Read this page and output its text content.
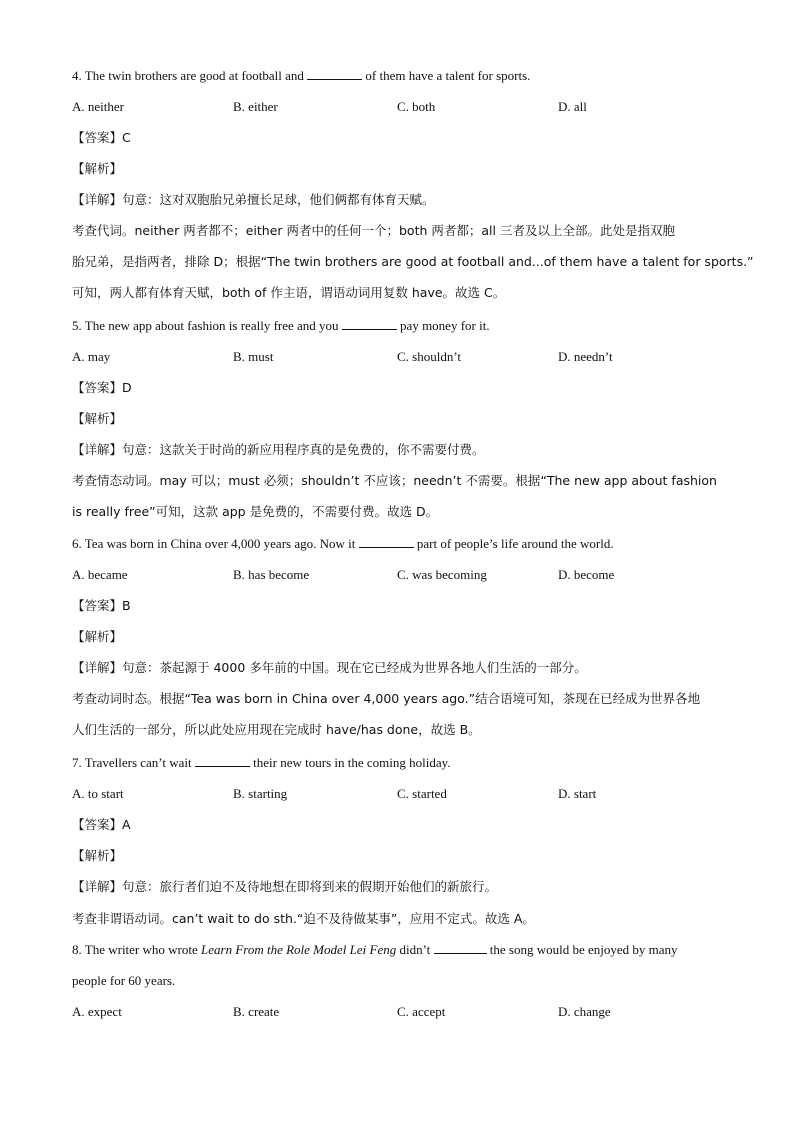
4. The twin brothers are good at football and	of them have a talent for sports.
A. neither	B. either	C. both	D. all
【答案】C
【解析】
【详解】句意：这对双胞胎兄弟擅长足球，他们俩都有体育天赋。
考查代词。neither 两者都不；either 两者中的任何一个；both 两者都；all 三者及以上全部。此处是指双胞
胎兄弟，是指两者，排除 D；根据“The twin brothers are good at football and...of them have a talent for sports.”
可知，两人都有体育天赋，both of 作主语，谓语动词用复数 have。故选 C。
5. The new app about fashion is really free and you	pay money for it.
A. may	B. must	C. shouldn’t	D. needn’t
【答案】D
【解析】
【详解】句意：这款关于时尚的新应用程序真的是免费的，你不需要付费。
考查情态动词。may 可以；must 必须；shouldn’t 不应该；needn’t 不需要。根据“The new app about fashion
is really free”可知，这款 app 是免费的，不需要付费。故选 D。
6. Tea was born in China over 4,000 years ago. Now it	part of people’s life around the world.
A. became	B. has become	C. was becoming	D. become
【答案】B
【解析】
【详解】句意：茶起源于 4000 多年前的中国。现在它已经成为世界各地人们生活的一部分。
考查动词时态。根据“Tea was born in China over 4,000 years ago.”结合语境可知，茶现在已经成为世界各地
人们生活的一部分，所以此处应用现在完成时 have/has done，故选 B。
7. Travellers can’t wait	their new tours in the coming holiday.
A. to start	B. starting	C. started	D. start
【答案】A
【解析】
【详解】句意：旅行者们迫不及待地想在即将到来的假期开始他们的新旅行。
考查非谓语动词。can’t wait to do sth.“迫不及待做某事”，应用不定式。故选 A。
8. The writer who wrote Learn From the Role Model Lei Feng didn’t	the song would be enjoyed by many
people for 60 years.
A. expect	B. create	C. accept	D. change
